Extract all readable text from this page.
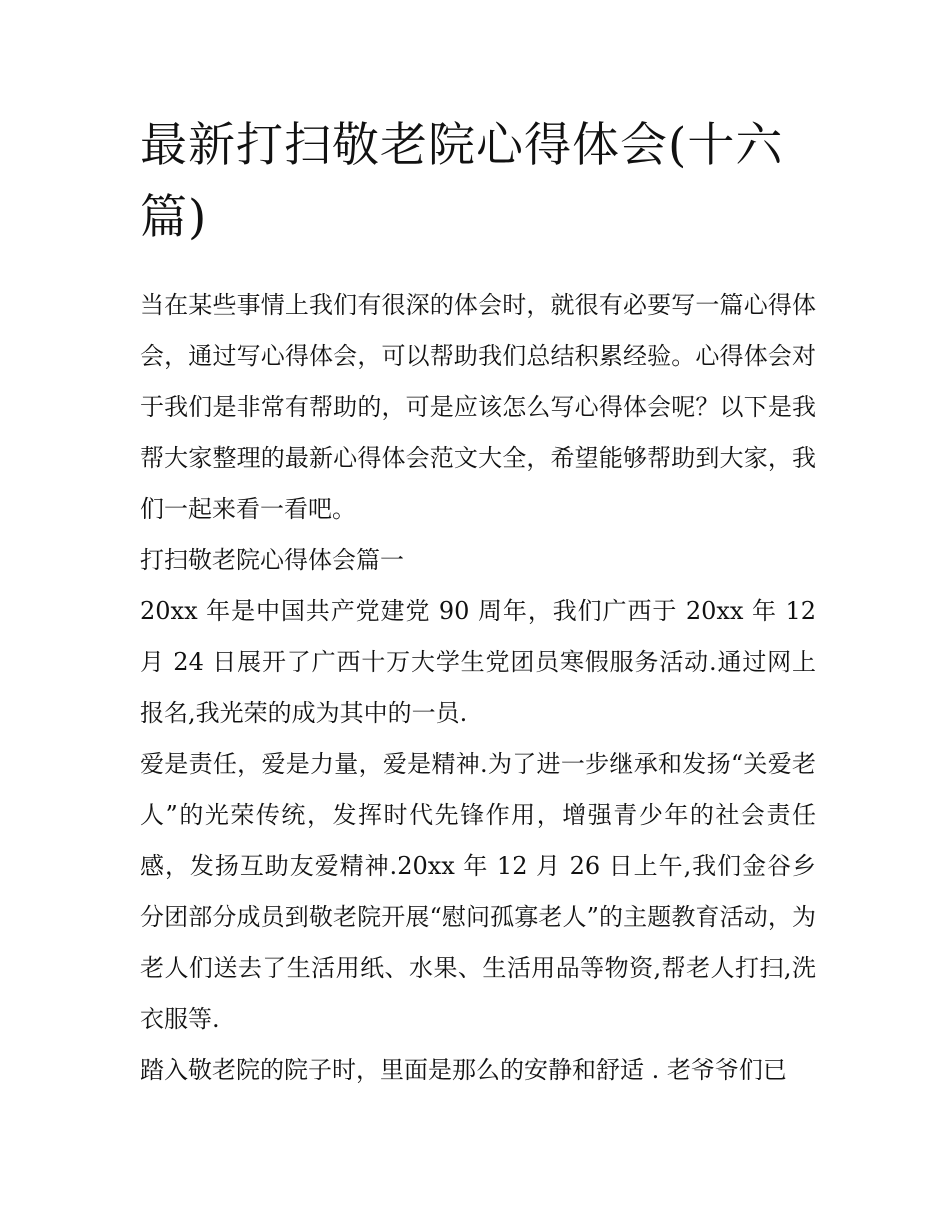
最新打扫敬老院心得体会(十六篇)

当在某些事情上我们有很深的体会时，就很有必要写一篇心得体会，通过写心得体会，可以帮助我们总结积累经验。心得体会对于我们是非常有帮助的，可是应该怎么写心得体会呢？以下是我帮大家整理的最新心得体会范文大全，希望能够帮助到大家，我们一起来看一看吧。

打扫敬老院心得体会篇一

20xx 年是中国共产党建党 90 周年，我们广西于 20xx 年 12 月 24 日展开了广西十万大学生党团员寒假服务活动.通过网上报名,我光荣的成为其中的一员.

爱是责任，爱是力量，爱是精神.为了进一步继承和发扬“关爱老人”的光荣传统，发挥时代先锋作用，增强青少年的社会责任感，发扬互助友爱精神.20xx 年 12 月 26 日上午,我们金谷乡分团部分成员到敬老院开展“慰问孤寡老人”的主题教育活动，为老人们送去了生活用纸、水果、生活用品等物资,帮老人打扫,洗衣服等.

踏入敬老院的院子时，里面是那么的安静和舒适 . 老爷爷们已
